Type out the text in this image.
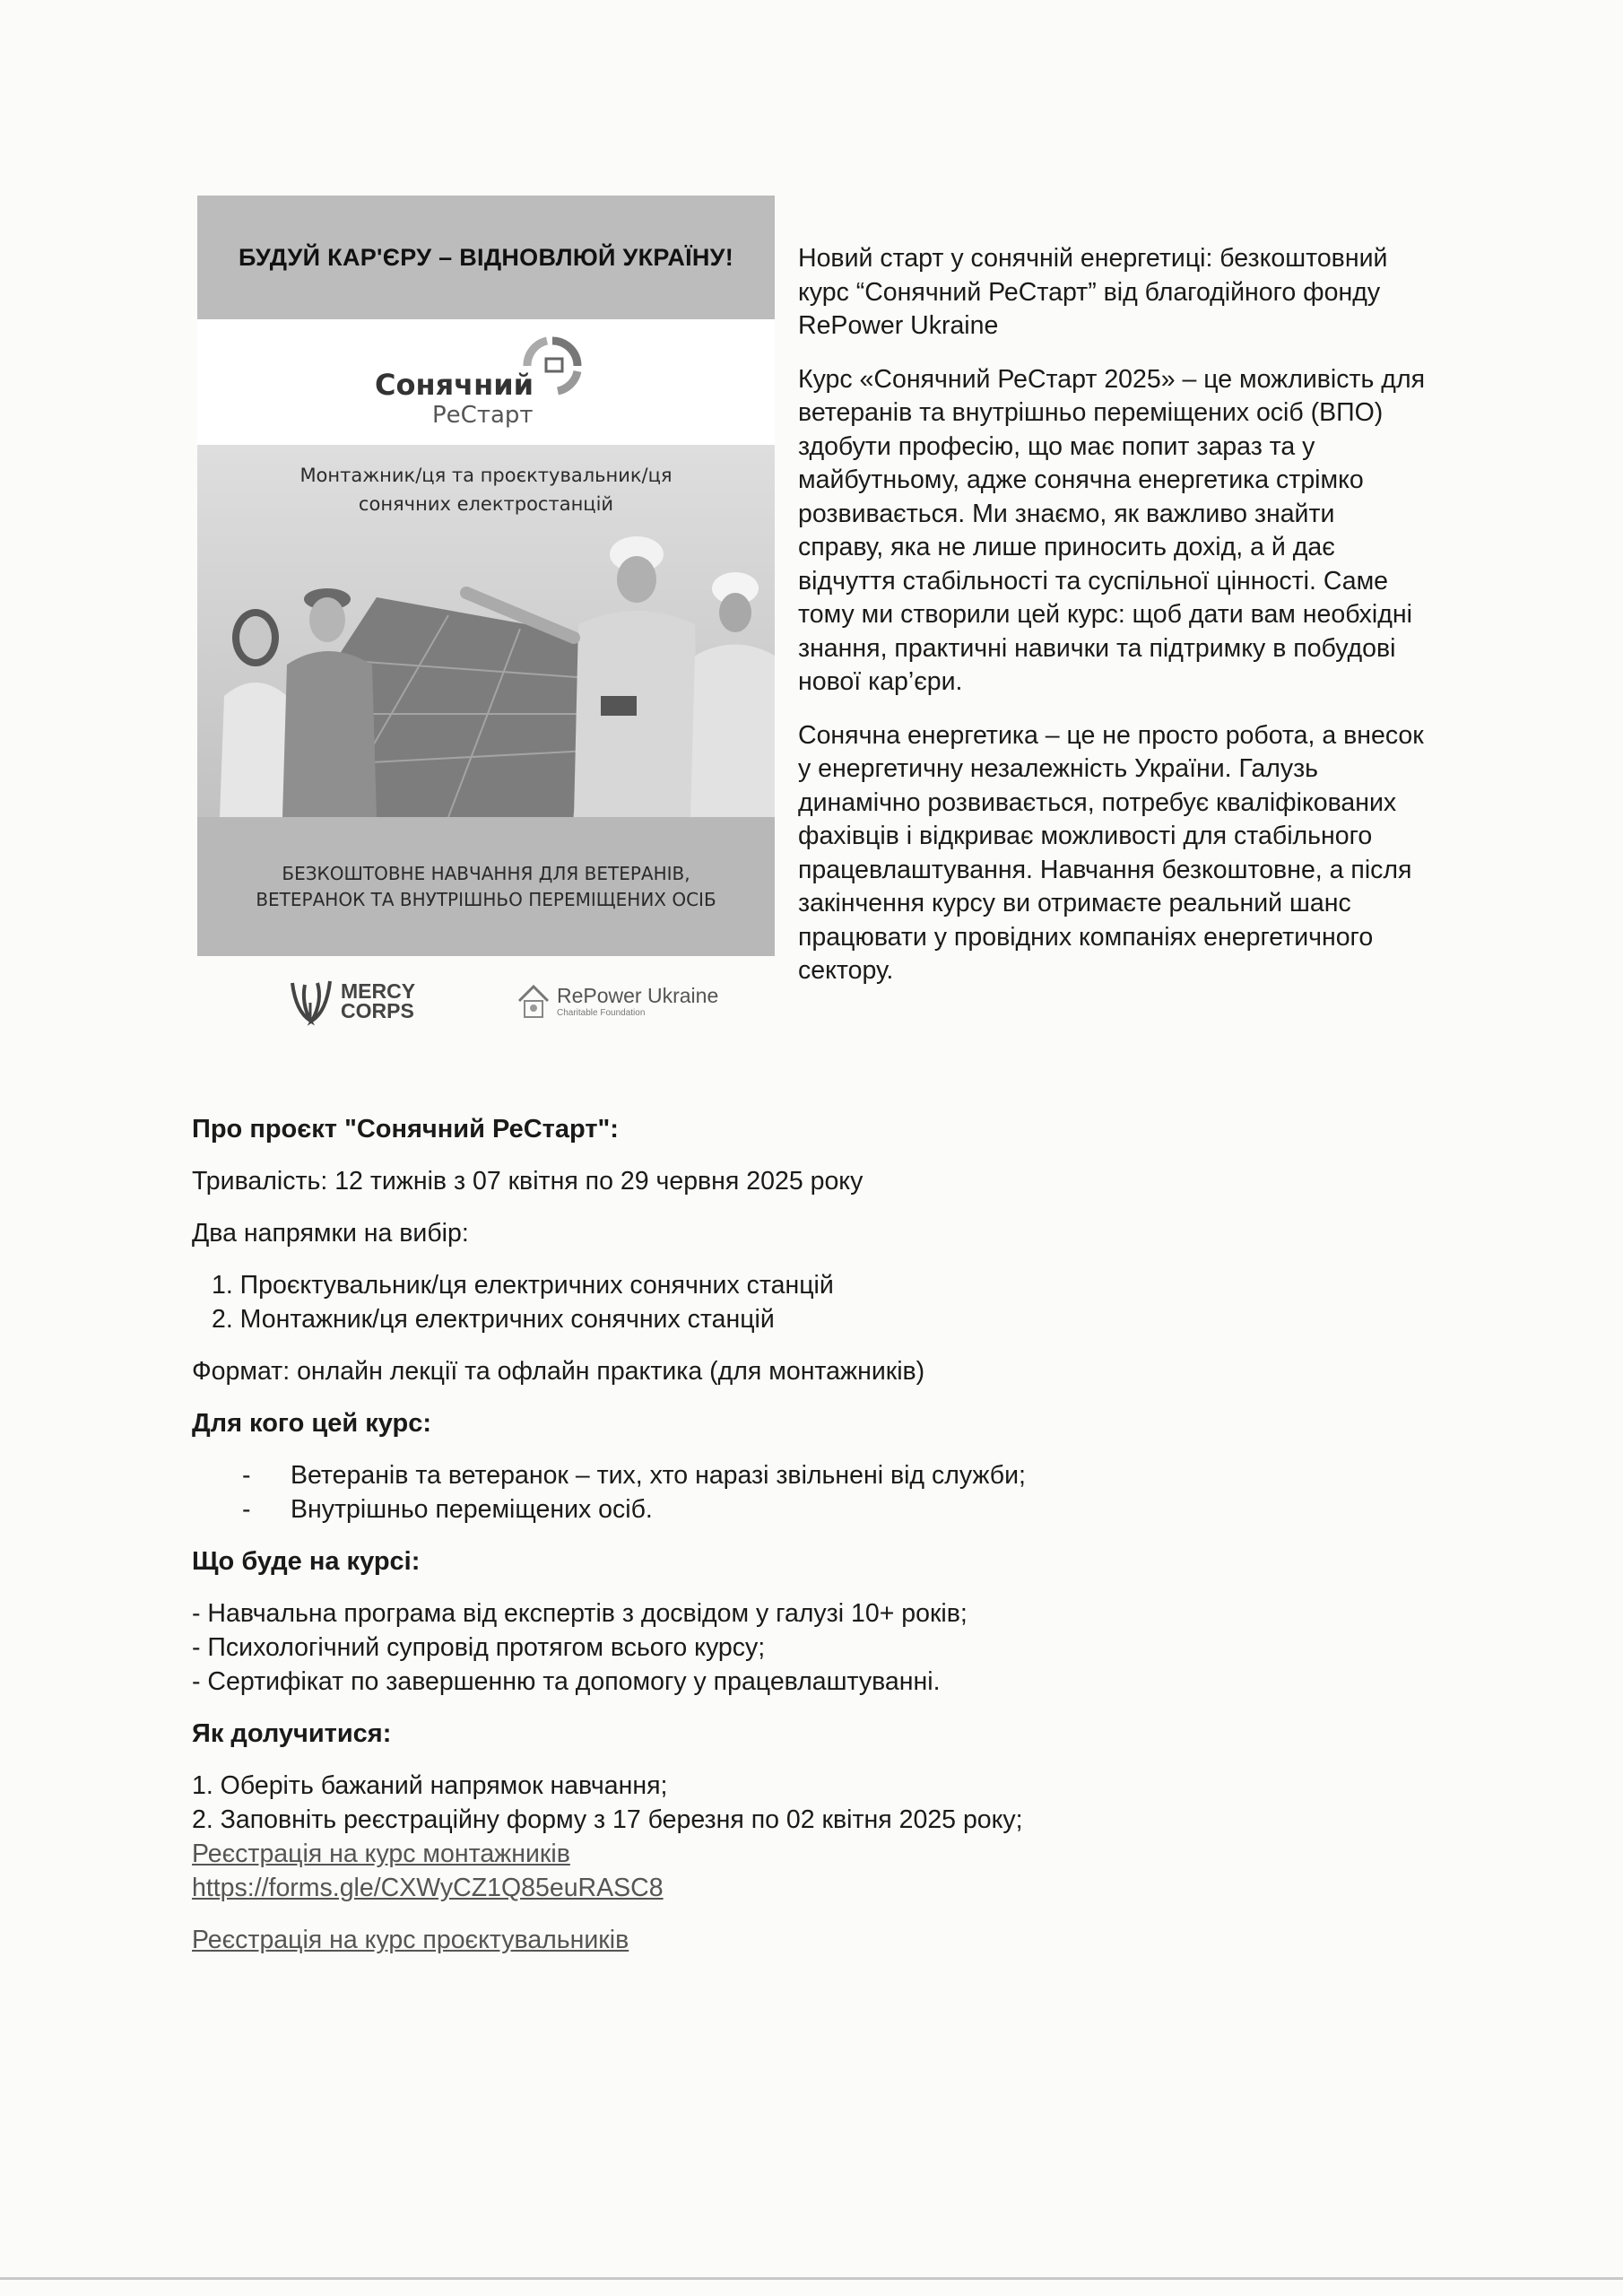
БУДУЙ КАР'ЄРУ – ВІДНОВЛЮЙ УКРАЇНУ!
Сонячний
РеСтарт
Монтажник/ця та проєктувальник/ця
сонячних електростанцій
БЕЗКОШТОВНЕ НАВЧАННЯ ДЛЯ ВЕТЕРАНІВ,
ВЕТЕРАНОК ТА ВНУТРІШНЬО ПЕРЕМІЩЕНИХ ОСІБ
MERCY
CORPS
RePower Ukraine
Charitable Foundation

Новий старт у сонячній енергетиці: безкоштовний курс “Сонячний РеСтарт” від благодійного фонду RePower Ukraine

Курс «Сонячний РеСтарт 2025» – це можливість для ветеранів та внутрішньо переміщених осіб (ВПО) здобути професію, що має попит зараз та у майбутньому, адже сонячна енергетика стрімко розвивається. Ми знаємо, як важливо знайти справу, яка не лише приносить дохід, а й дає відчуття стабільності та суспільної цінності. Саме тому ми створили цей курс: щоб дати вам необхідні знання, практичні навички та підтримку в побудові нової кар’єри.

Сонячна енергетика – це не просто робота, а внесок у енергетичну незалежність України. Галузь динамічно розвивається, потребує кваліфікованих фахівців і відкриває можливості для стабільного працевлаштування. Навчання безкоштовне, а після закінчення курсу ви отримаєте реальний шанс працювати у провідних компаніях енергетичного сектору.

Про проєкт "Сонячний РеСтарт":

Тривалість: 12 тижнів з 07 квітня по 29 червня 2025 року

Два напрямки на вибір:

1. Проєктувальник/ця електричних сонячних станцій
2. Монтажник/ця електричних сонячних станцій

Формат: онлайн лекції та офлайн практика (для монтажників)

Для кого цей курс:
- Ветеранів та ветеранок – тих, хто наразі звільнені від служби;
- Внутрішньо переміщених осіб.
Що буде на курсі:
- Навчальна програма від експертів з досвідом у галузі 10+ років;
- Психологічний супровід протягом всього курсу;
- Сертифікат по завершенню та допомогу у працевлаштуванні.
Як долучитися:
1. Оберіть бажаний напрямок навчання;
2. Заповніть реєстраційну форму з 17 березня по 02 квітня 2025 року;
Реєстрація на курс монтажників
https://forms.gle/CXWyCZ1Q85euRASC8
Реєстрація на курс проєктувальників
